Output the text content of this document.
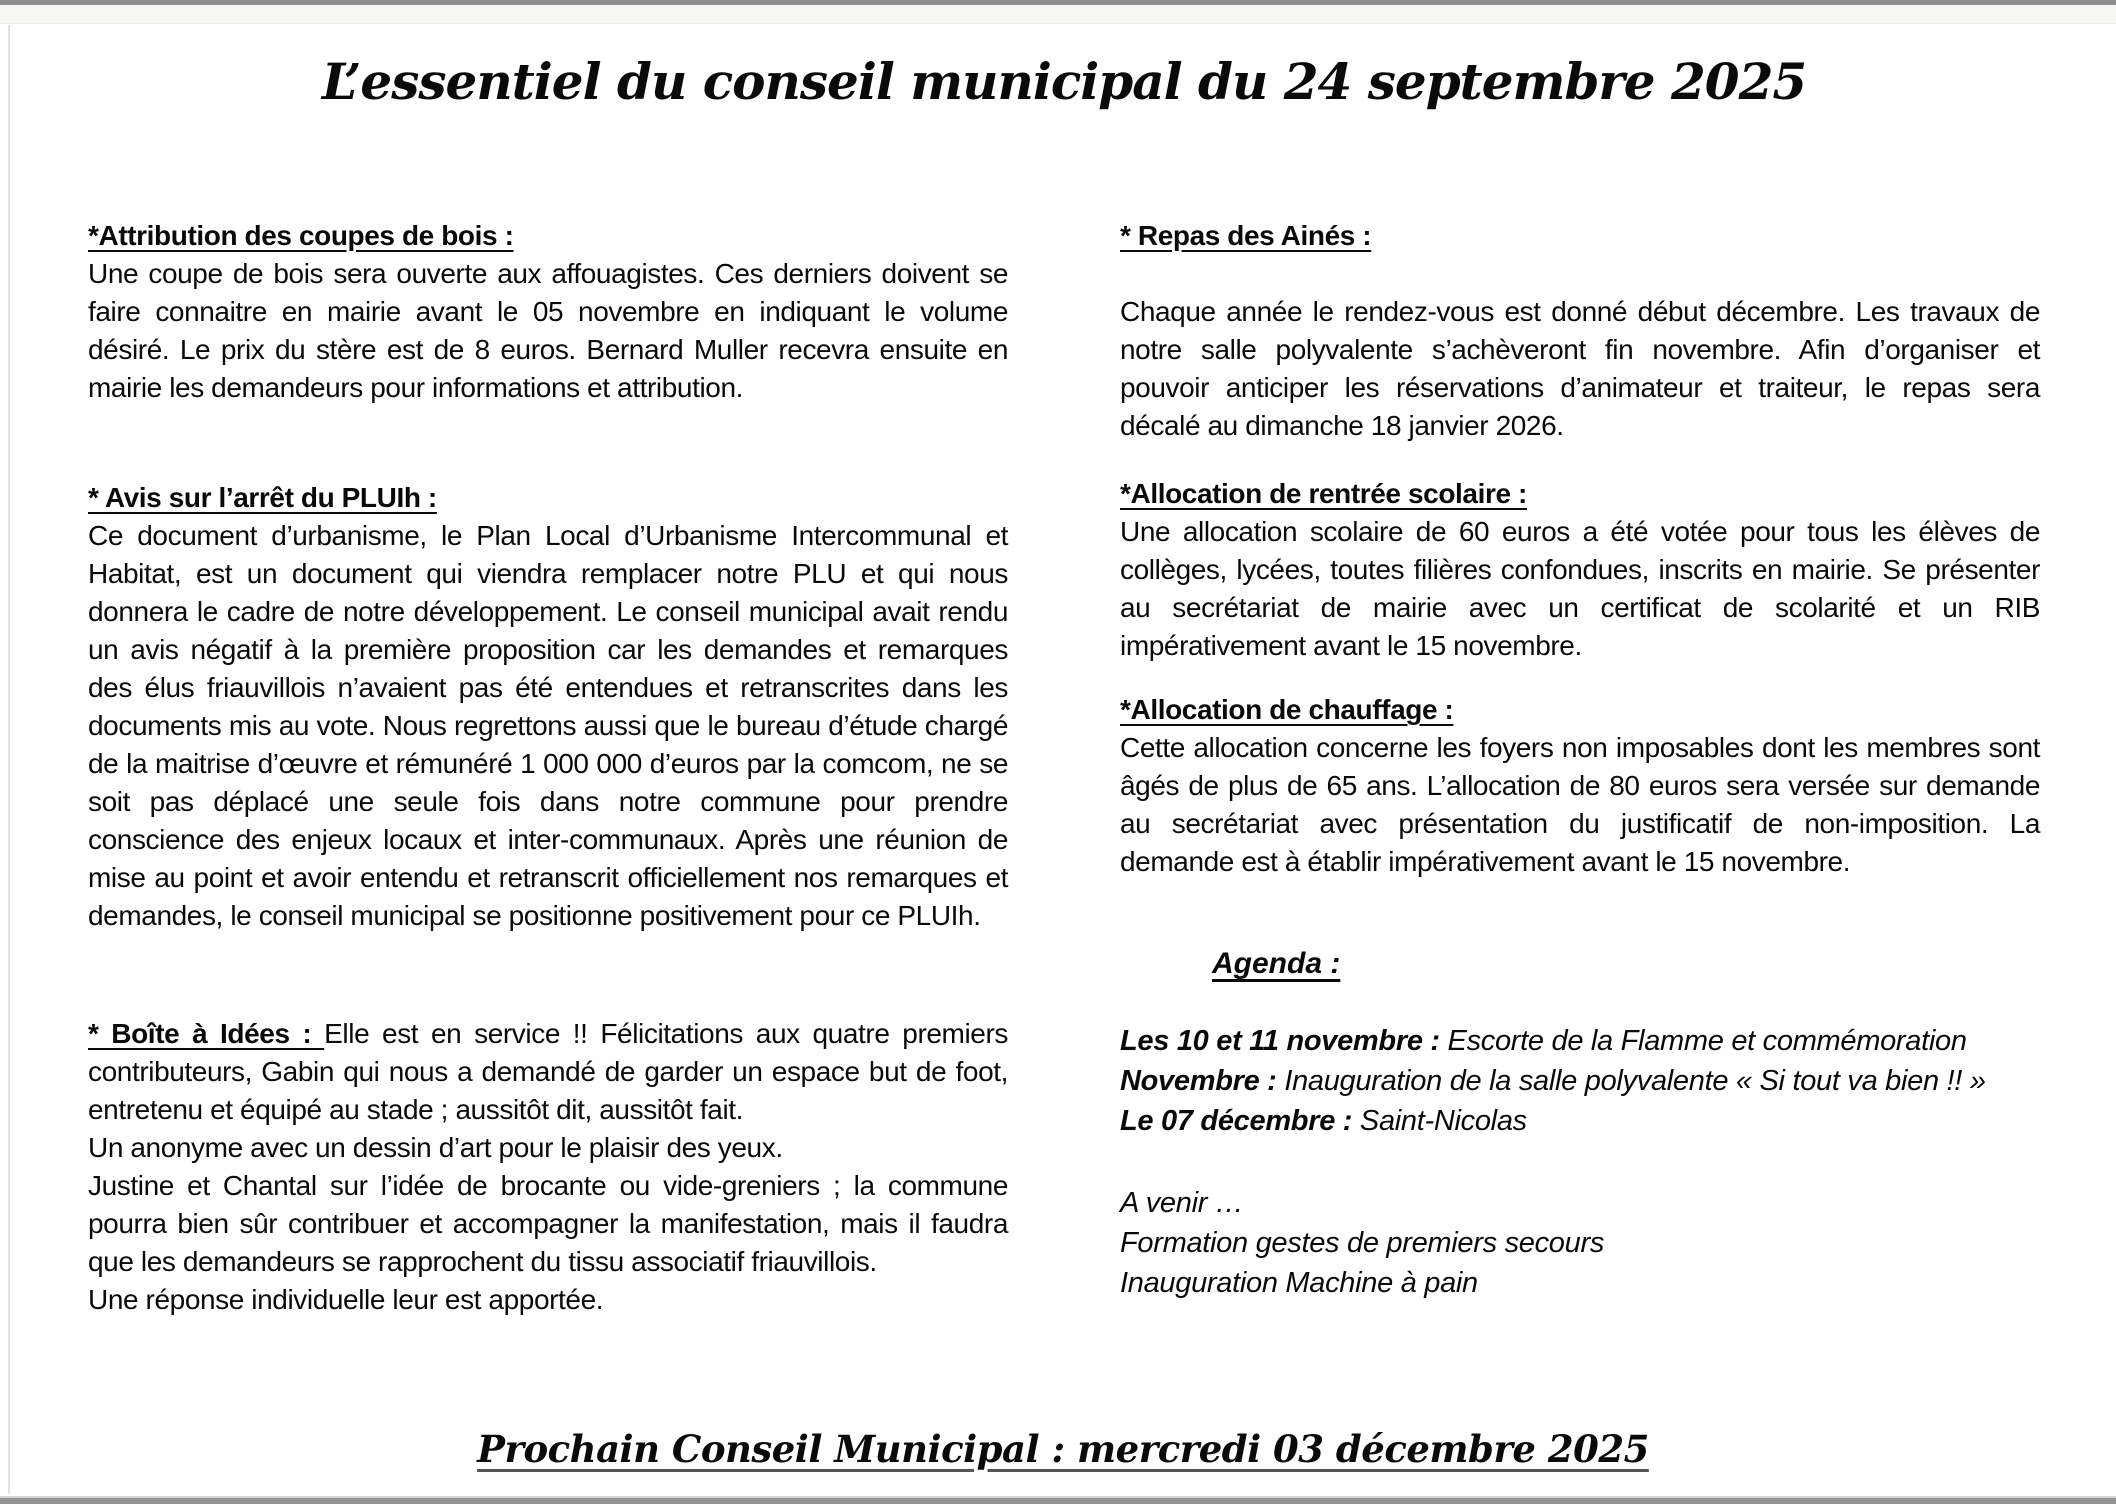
L’essentiel du conseil municipal du 24 septembre 2025
*Attribution des coupes de bois :

Une coupe de bois sera ouverte aux affouagistes. Ces derniers doivent se faire connaitre en mairie avant le 05 novembre en indiquant le volume désiré. Le prix du stère est de 8 euros. Bernard Muller recevra ensuite en mairie les demandeurs pour informations et attribution.

* Avis sur l’arrêt du PLUIh :

Ce document d’urbanisme, le Plan Local d’Urbanisme Intercommunal et Habitat, est un document qui viendra remplacer notre PLU et qui nous donnera le cadre de notre développement. Le conseil municipal avait rendu un avis négatif à la première proposition car les demandes et remarques des élus friauvillois n’avaient pas été entendues et retranscrites dans les documents mis au vote. Nous regrettons aussi que le bureau d’étude chargé de la maitrise d’œuvre et rémunéré 1 000 000 d’euros par la comcom, ne se soit pas déplacé une seule fois dans notre commune pour prendre conscience des enjeux locaux et inter-communaux. Après une réunion de mise au point et avoir entendu et retranscrit officiellement nos remarques et demandes, le conseil municipal se positionne positivement pour ce PLUIh.

* Boîte à Idées : Elle est en service !! Félicitations aux quatre premiers contributeurs, Gabin qui nous a demandé de garder un espace but de foot, entretenu et équipé au stade ; aussitôt dit, aussitôt fait.

Un anonyme avec un dessin d’art pour le plaisir des yeux.

Justine et Chantal sur l’idée de brocante ou vide-greniers ; la commune pourra bien sûr contribuer et accompagner la manifestation, mais il faudra que les demandeurs se rapprochent du tissu associatif friauvillois.

Une réponse individuelle leur est apportée.

* Repas des Ainés :

Chaque année le rendez-vous est donné début décembre. Les travaux de notre salle polyvalente s’achèveront fin novembre. Afin d’organiser et pouvoir anticiper les réservations d’animateur et traiteur, le repas sera décalé au dimanche 18 janvier 2026.

*Allocation de rentrée scolaire :

Une allocation scolaire de 60 euros a été votée pour tous les élèves de collèges, lycées, toutes filières confondues, inscrits en mairie. Se présenter au secrétariat de mairie avec un certificat de scolarité et un RIB impérativement avant le 15 novembre.

*Allocation de chauffage :

Cette allocation concerne les foyers non imposables dont les membres sont âgés de plus de 65 ans. L’allocation de 80 euros sera versée sur demande au secrétariat avec présentation du justificatif de non-imposition. La demande est à établir impérativement avant le 15 novembre.

Agenda :

Les 10 et 11 novembre : Escorte de la Flamme et commémoration

Novembre : Inauguration de la salle polyvalente « Si tout va bien !! »

Le 07 décembre : Saint-Nicolas

A venir …

Formation gestes de premiers secours

Inauguration Machine à pain

Prochain Conseil Municipal : mercredi 03 décembre 2025
